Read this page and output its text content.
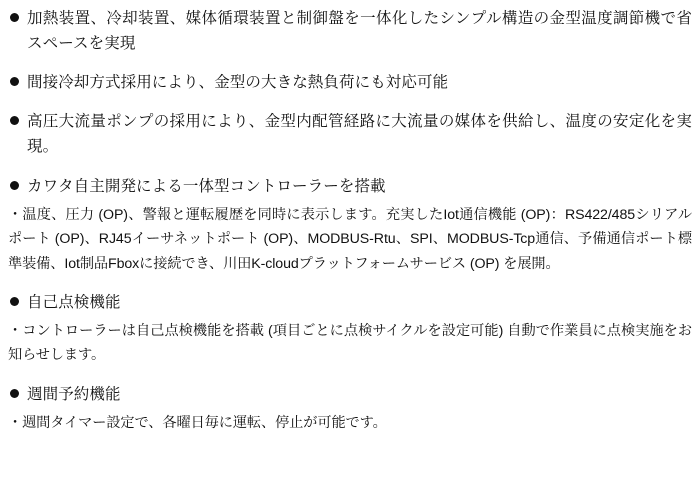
加熱装置、冷却装置、媒体循環装置と制御盤を一体化したシンプル構造の金型温度調節機で省スペースを実現
間接冷却方式採用により、金型の大きな熱負荷にも対応可能
高圧大流量ポンプの採用により、金型内配管経路に大流量の媒体を供給し、温度の安定化を実現。
カワタ自主開発による一体型コントローラーを搭載
・温度、圧力 (OP)、警報と運転履歴を同時に表示します。充実したIot通信機能 (OP)：RS422/485シリアルポート (OP)、RJ45イーサネットポート (OP)、MODBUS-Rtu、SPI、MODBUS-Tcp通信、予備通信ポート標準装備、Iot制品Fboxに接続でき、川田K-cloudプラットフォームサービス (OP) を展開。
自己点検機能
・コントローラーは自己点検機能を搭載 (項目ごとに点検サイクルを設定可能) 自動で作業員に点検実施をお知らせします。
週間予約機能
・週間タイマー設定で、各曜日毎に運転、停止が可能です。
